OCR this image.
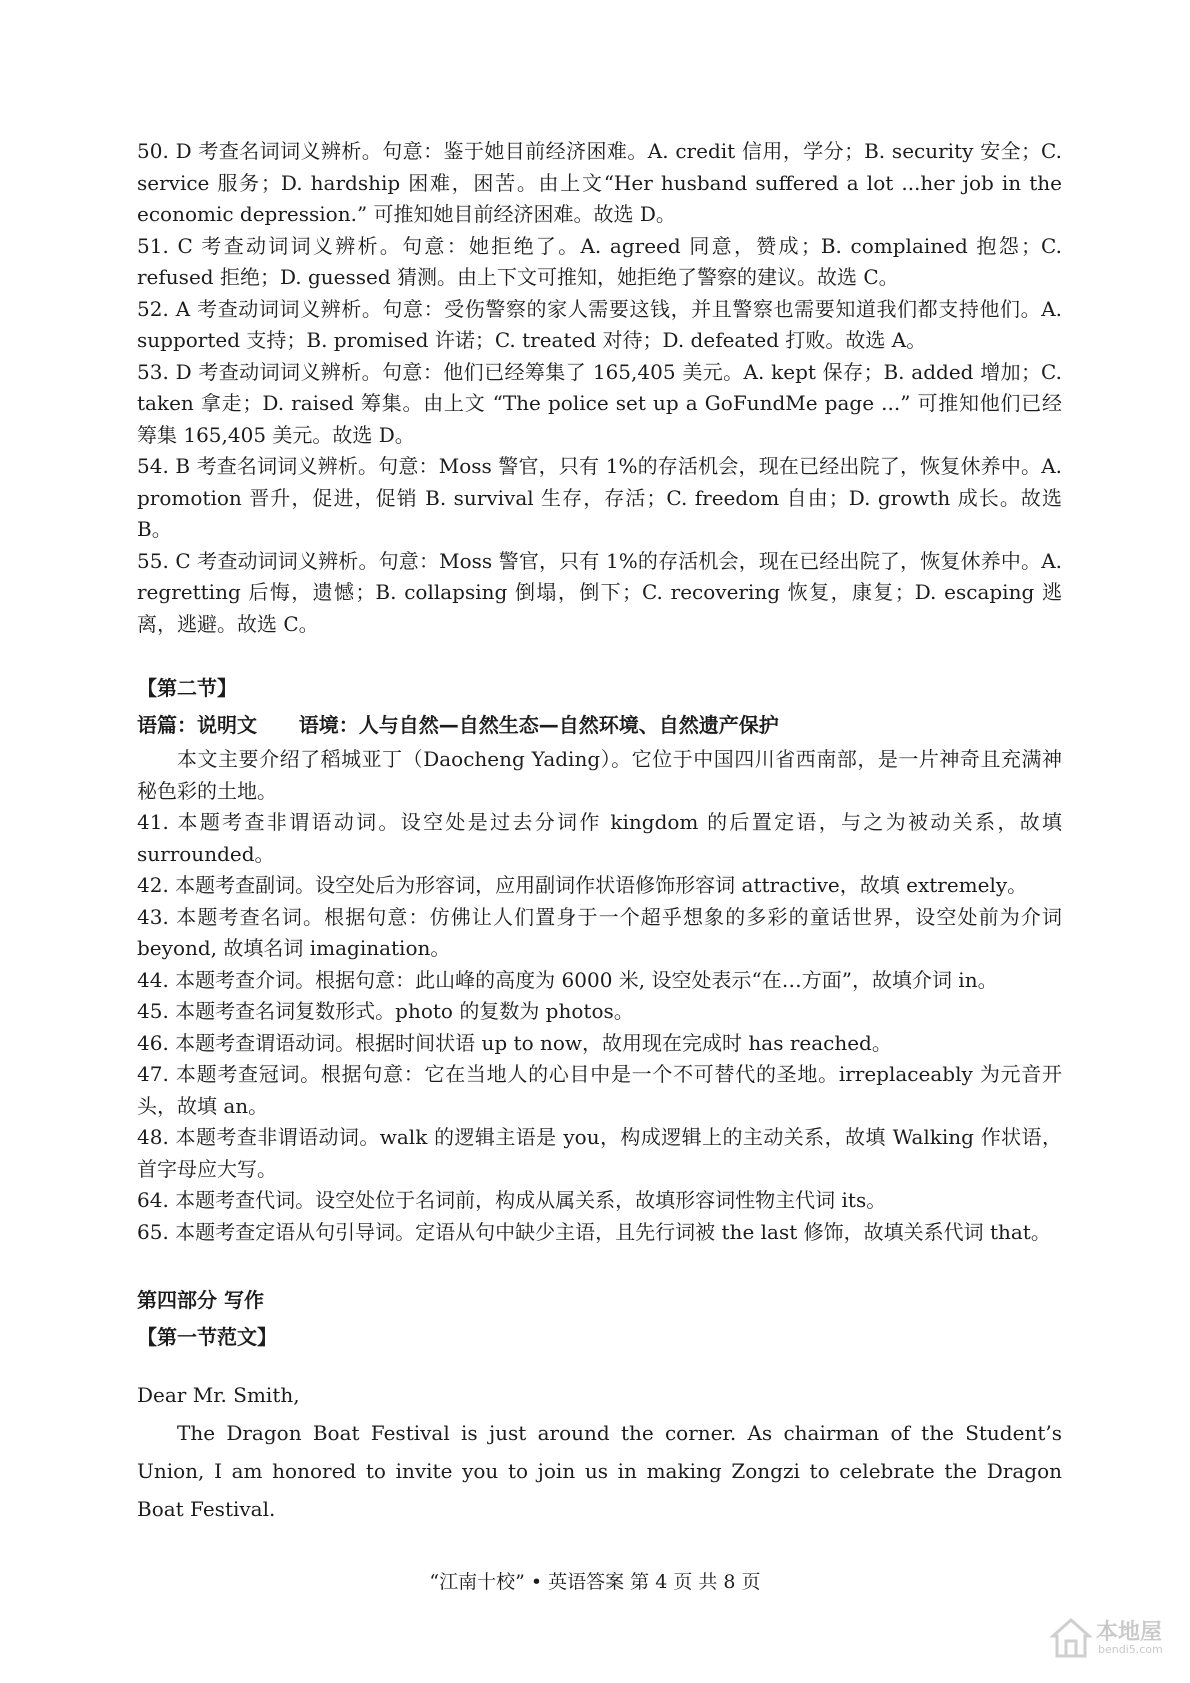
50. D 考查名词词义辨析。句意：鉴于她目前经济困难。A. credit 信用，学分；B. security 安全；C. service 服务；D. hardship 困难，困苦。由上文“Her husband suffered a lot ...her job in the economic depression.” 可推知她目前经济困难。故选 D。

51. C 考查动词词义辨析。句意：她拒绝了。A. agreed 同意，赞成；B. complained 抱怨；C. refused 拒绝；D. guessed 猜测。由上下文可推知，她拒绝了警察的建议。故选 C。

52. A 考查动词词义辨析。句意：受伤警察的家人需要这钱，并且警察也需要知道我们都支持他们。A. supported 支持；B. promised 许诺；C. treated 对待；D. defeated 打败。故选 A。

53. D 考查动词词义辨析。句意：他们已经筹集了 165,405 美元。A. kept 保存；B. added 增加；C. taken 拿走；D. raised 筹集。由上文 “The police set up a GoFundMe page ...” 可推知他们已经筹集 165,405 美元。故选 D。

54. B 考查名词词义辨析。句意：Moss 警官，只有 1%的存活机会，现在已经出院了，恢复休养中。A. promotion 晋升，促进，促销 B. survival 生存，存活；C. freedom 自由；D. growth 成长。故选 B。

55. C 考查动词词义辨析。句意：Moss 警官，只有 1%的存活机会，现在已经出院了，恢复休养中。A. regretting 后悔，遗憾；B. collapsing 倒塌，倒下；C. recovering 恢复，康复；D. escaping 逃离，逃避。故选 C。

【第二节】

语篇：说明文      语境：人与自然—自然生态—自然环境、自然遗产保护

本文主要介绍了稻城亚丁（Daocheng Yading）。它位于中国四川省西南部，是一片神奇且充满神秘色彩的土地。

41. 本题考查非谓语动词。设空处是过去分词作 kingdom 的后置定语，与之为被动关系，故填 surrounded。

42. 本题考查副词。设空处后为形容词，应用副词作状语修饰形容词 attractive，故填 extremely。

43. 本题考查名词。根据句意：仿佛让人们置身于一个超乎想象的多彩的童话世界，设空处前为介词 beyond, 故填名词 imagination。

44. 本题考查介词。根据句意：此山峰的高度为 6000 米, 设空处表示“在…方面”，故填介词 in。

45. 本题考查名词复数形式。photo 的复数为 photos。

46. 本题考查谓语动词。根据时间状语 up to now，故用现在完成时 has reached。

47. 本题考查冠词。根据句意：它在当地人的心目中是一个不可替代的圣地。irreplaceably 为元音开头，故填 an。

48. 本题考查非谓语动词。walk 的逻辑主语是 you，构成逻辑上的主动关系，故填 Walking 作状语，首字母应大写。

64. 本题考查代词。设空处位于名词前，构成从属关系，故填形容词性物主代词 its。

65. 本题考查定语从句引导词。定语从句中缺少主语，且先行词被 the last 修饰，故填关系代词 that。

第四部分 写作

【第一节范文】

Dear Mr. Smith,

The Dragon Boat Festival is just around the corner. As chairman of the Student’s Union, I am honored to invite you to join us in making Zongzi to celebrate the Dragon Boat Festival.

“江南十校” • 英语答案 第 4 页 共 8 页
本地屋
bendi5.com
